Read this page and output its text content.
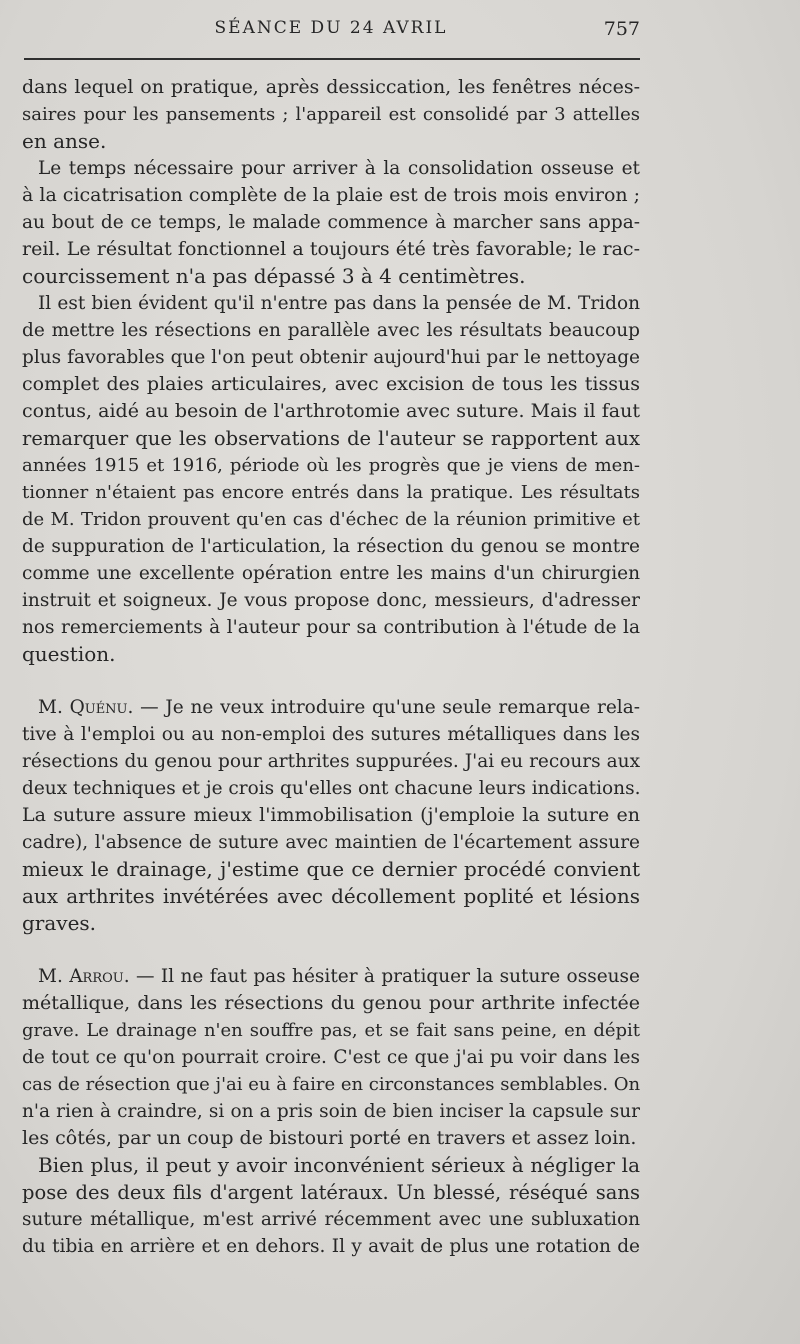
SÉANCE DU 24 AVRIL	757
dans lequel on pratique, après dessiccation, les fenêtres néces-
saires pour les pansements ; l'appareil est consolidé par 3 attelles
en anse.
Le temps nécessaire pour arriver à la consolidation osseuse et
à la cicatrisation complète de la plaie est de trois mois environ ;
au bout de ce temps, le malade commence à marcher sans appa-
reil. Le résultat fonctionnel a toujours été très favorable; le rac-
courcissement n'a pas dépassé 3 à 4 centimètres.
Il est bien évident qu'il n'entre pas dans la pensée de M. Tridon
de mettre les résections en parallèle avec les résultats beaucoup
plus favorables que l'on peut obtenir aujourd'hui par le nettoyage
complet des plaies articulaires, avec excision de tous les tissus
contus, aidé au besoin de l'arthrotomie avec suture. Mais il faut
remarquer que les observations de l'auteur se rapportent aux
années 1915 et 1916, période où les progrès que je viens de men-
tionner n'étaient pas encore entrés dans la pratique. Les résultats
de M. Tridon prouvent qu'en cas d'échec de la réunion primitive et
de suppuration de l'articulation, la résection du genou se montre
comme une excellente opération entre les mains d'un chirurgien
instruit et soigneux. Je vous propose donc, messieurs, d'adresser
nos remerciements à l'auteur pour sa contribution à l'étude de la
question.
M. Quénu. — Je ne veux introduire qu'une seule remarque rela-
tive à l'emploi ou au non-emploi des sutures métalliques dans les
résections du genou pour arthrites suppurées. J'ai eu recours aux
deux techniques et je crois qu'elles ont chacune leurs indications.
La suture assure mieux l'immobilisation (j'emploie la suture en
cadre), l'absence de suture avec maintien de l'écartement assure
mieux le drainage, j'estime que ce dernier procédé convient
aux arthrites invétérées avec décollement poplité et lésions
graves.
M. Arrou. — Il ne faut pas hésiter à pratiquer la suture osseuse
métallique, dans les résections du genou pour arthrite infectée
grave. Le drainage n'en souffre pas, et se fait sans peine, en dépit
de tout ce qu'on pourrait croire. C'est ce que j'ai pu voir dans les
cas de résection que j'ai eu à faire en circonstances semblables. On
n'a rien à craindre, si on a pris soin de bien inciser la capsule sur
les côtés, par un coup de bistouri porté en travers et assez loin.
Bien plus, il peut y avoir inconvénient sérieux à négliger la
pose des deux fils d'argent latéraux. Un blessé, réséqué sans
suture métallique, m'est arrivé récemment avec une subluxation
du tibia en arrière et en dehors. Il y avait de plus une rotation de
